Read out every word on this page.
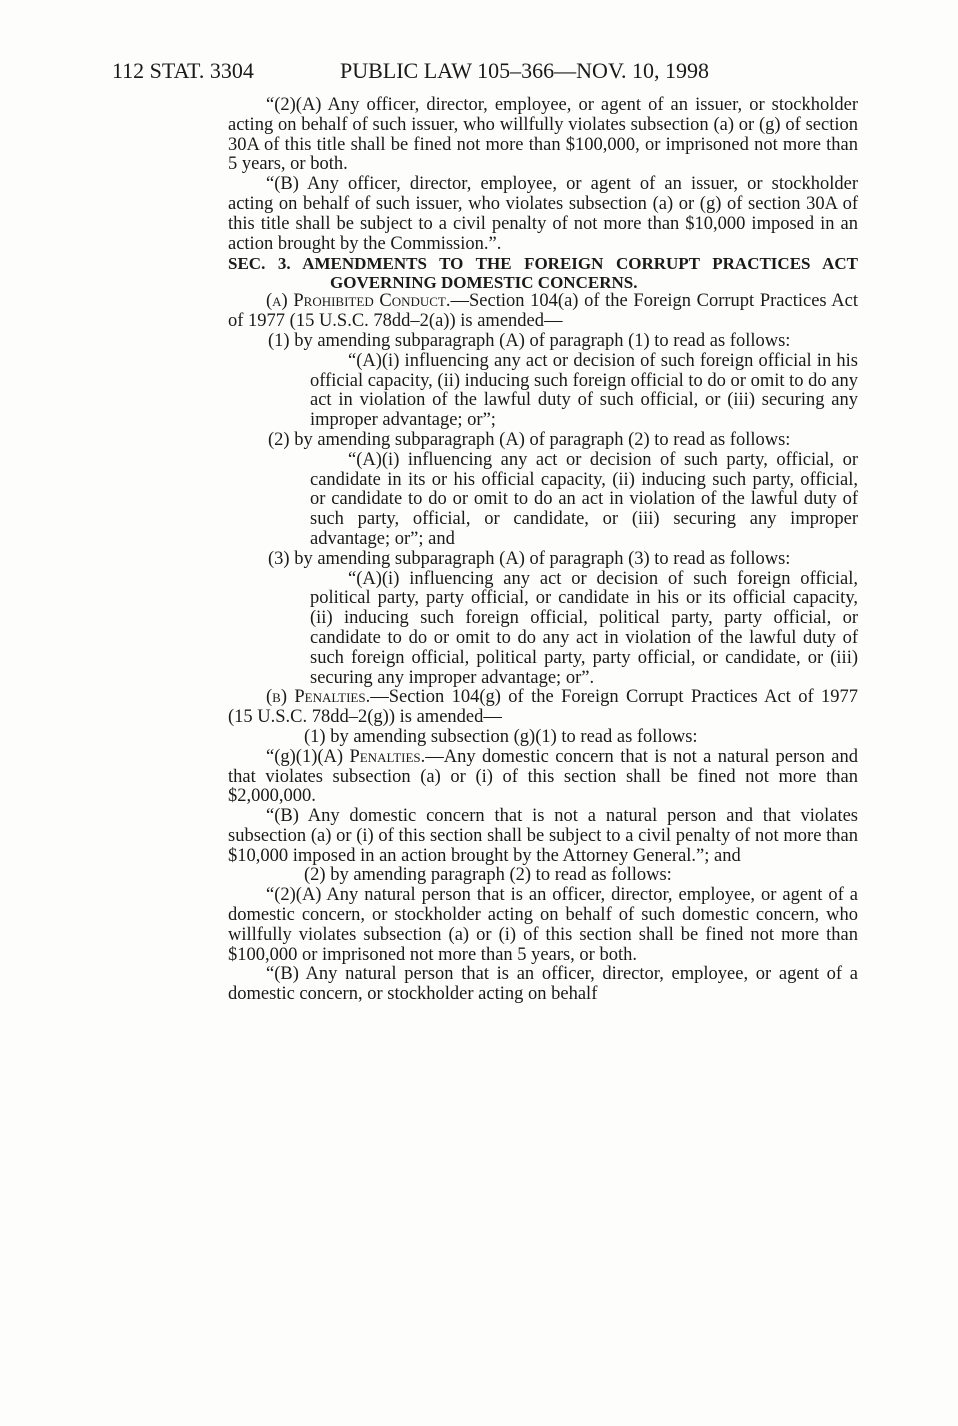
112 STAT. 3304	PUBLIC LAW 105–366—NOV. 10, 1998

“(2)(A) Any officer, director, employee, or agent of an issuer, or stockholder acting on behalf of such issuer, who willfully violates subsection (a) or (g) of section 30A of this title shall be fined not more than $100,000, or imprisoned not more than 5 years, or both.

“(B) Any officer, director, employee, or agent of an issuer, or stockholder acting on behalf of such issuer, who violates subsection (a) or (g) of section 30A of this title shall be subject to a civil penalty of not more than $10,000 imposed in an action brought by the Commission.”.

SEC. 3. AMENDMENTS TO THE FOREIGN CORRUPT PRACTICES ACT GOVERNING DOMESTIC CONCERNS.

(a) Prohibited Conduct.—Section 104(a) of the Foreign Corrupt Practices Act of 1977 (15 U.S.C. 78dd–2(a)) is amended—

(1) by amending subparagraph (A) of paragraph (1) to read as follows:

“(A)(i) influencing any act or decision of such foreign official in his official capacity, (ii) inducing such foreign official to do or omit to do any act in violation of the lawful duty of such official, or (iii) securing any improper advantage; or”;

(2) by amending subparagraph (A) of paragraph (2) to read as follows:

“(A)(i) influencing any act or decision of such party, official, or candidate in its or his official capacity, (ii) inducing such party, official, or candidate to do or omit to do an act in violation of the lawful duty of such party, official, or candidate, or (iii) securing any improper advantage; or”; and

(3) by amending subparagraph (A) of paragraph (3) to read as follows:

“(A)(i) influencing any act or decision of such foreign official, political party, party official, or candidate in his or its official capacity, (ii) inducing such foreign official, political party, party official, or candidate to do or omit to do any act in violation of the lawful duty of such foreign official, political party, party official, or candidate, or (iii) securing any improper advantage; or”.

(b) Penalties.—Section 104(g) of the Foreign Corrupt Practices Act of 1977 (15 U.S.C. 78dd–2(g)) is amended—

(1) by amending subsection (g)(1) to read as follows:

“(g)(1)(A) Penalties.—Any domestic concern that is not a natural person and that violates subsection (a) or (i) of this section shall be fined not more than $2,000,000.

“(B) Any domestic concern that is not a natural person and that violates subsection (a) or (i) of this section shall be subject to a civil penalty of not more than $10,000 imposed in an action brought by the Attorney General.”; and

(2) by amending paragraph (2) to read as follows:

“(2)(A) Any natural person that is an officer, director, employee, or agent of a domestic concern, or stockholder acting on behalf of such domestic concern, who willfully violates subsection (a) or (i) of this section shall be fined not more than $100,000 or imprisoned not more than 5 years, or both.

“(B) Any natural person that is an officer, director, employee, or agent of a domestic concern, or stockholder acting on behalf
